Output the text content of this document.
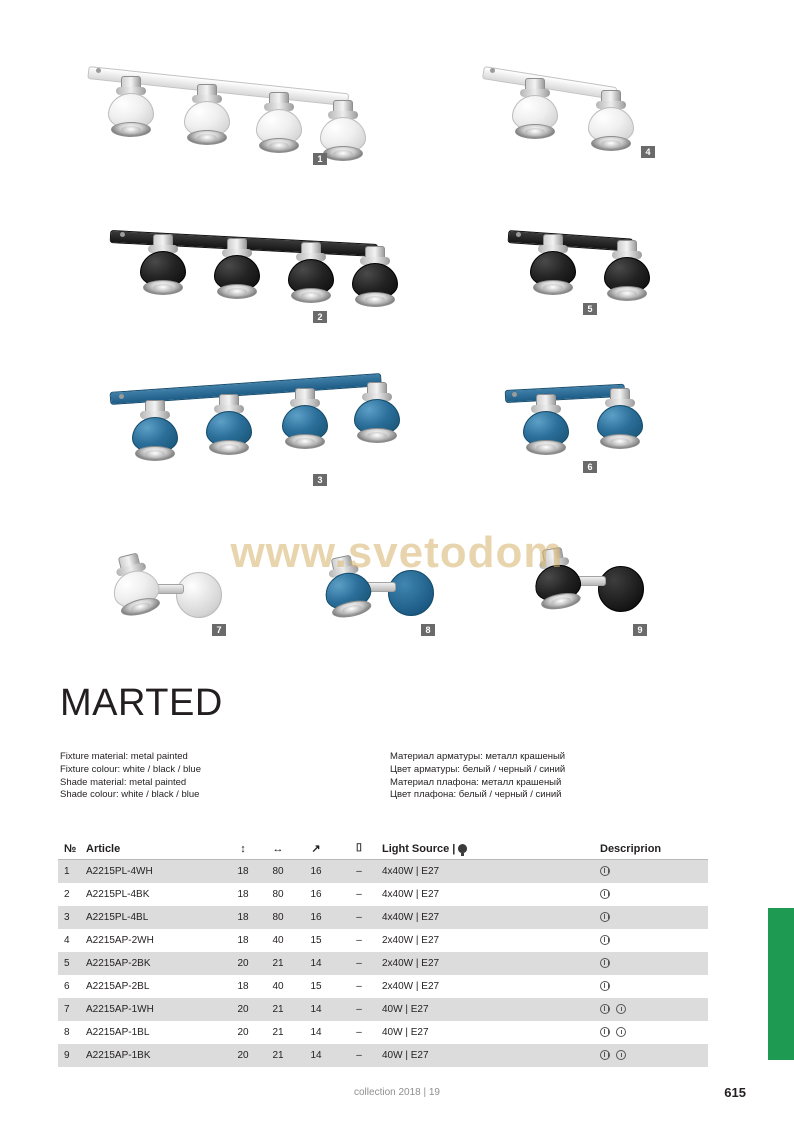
www.svetodom
1
4
2
5
3
6
7	8	9
MARTED
Fixture material: metal painted
Fixture colour: white / black / blue
Shade material: metal painted
Shade colour: white / black / blue
Материал арматуры: металл крашеный
Цвет арматуры: белый / черный / синий
Материал плафона: металл крашеный
Цвет плафона: белый / черный / синий
№ Article	↕	↔	↗	⌷	Light Source |	Descriprion
1	A2215PL-4WH	18	80	16	–	4x40W | E27
2	A2215PL-4BK	18	80	16	–	4x40W | E27
3	A2215PL-4BL	18	80	16	–	4x40W | E27
4	A2215AP-2WH	18	40	15	–	2x40W | E27
5	A2215AP-2BK	20	21	14	–	2x40W | E27
6	A2215AP-2BL	18	40	15	–	2x40W | E27
7	A2215AP-1WH	20	21	14	–	40W | E27
8	A2215AP-1BL	20	21	14	–	40W | E27
9	A2215AP-1BK	20	21	14	–	40W | E27

collection 2018 | 19	615
